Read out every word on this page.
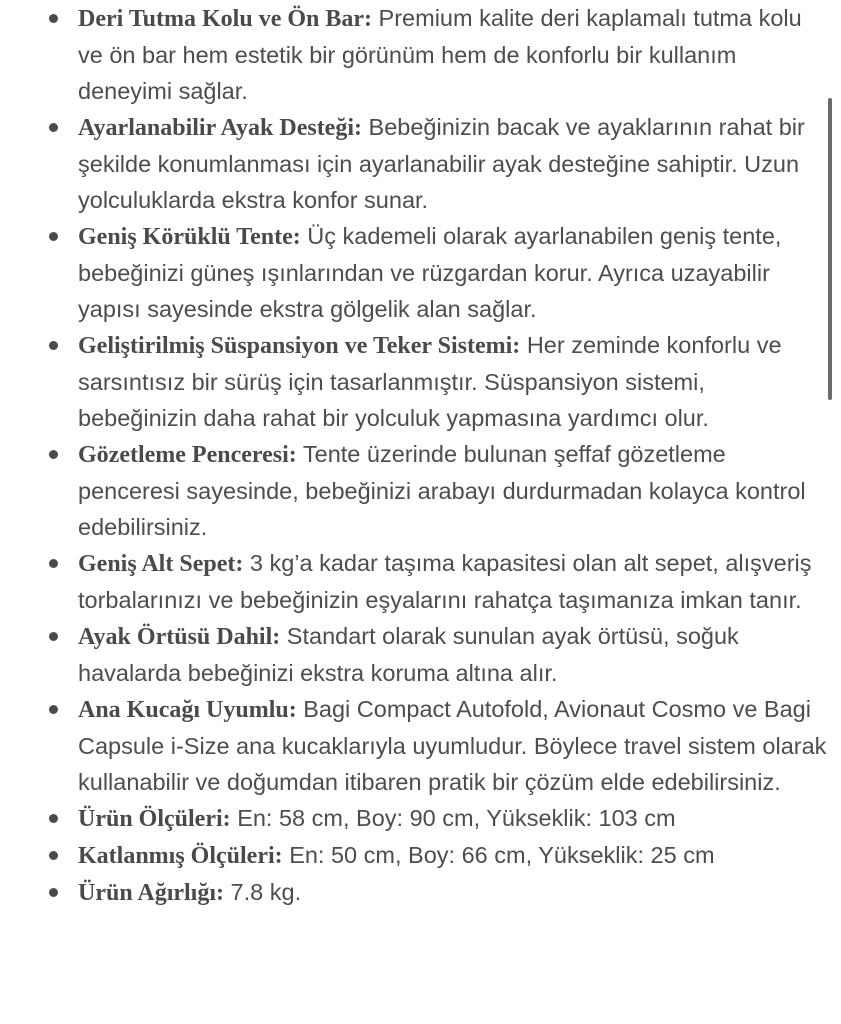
Deri Tutma Kolu ve Ön Bar: Premium kalite deri kaplamalı tutma kolu ve ön bar hem estetik bir görünüm hem de konforlu bir kullanım deneyimi sağlar.
Ayarlanabilir Ayak Desteği: Bebeğinizin bacak ve ayaklarının rahat bir şekilde konumlanması için ayarlanabilir ayak desteğine sahiptir. Uzun yolculuklarda ekstra konfor sunar.
Geniş Körüklü Tente: Üç kademeli olarak ayarlanabilen geniş tente, bebeğinizi güneş ışınlarından ve rüzgardan korur. Ayrıca uzayabilir yapısı sayesinde ekstra gölgelik alan sağlar.
Geliştirilmiş Süspansiyon ve Teker Sistemi: Her zeminde konforlu ve sarsıntısız bir sürüş için tasarlanmıştır. Süspansiyon sistemi, bebeğinizin daha rahat bir yolculuk yapmasına yardımcı olur.
Gözetleme Penceresi: Tente üzerinde bulunan şeffaf gözetleme penceresi sayesinde, bebeğinizi arabayı durdurmadan kolayca kontrol edebilirsiniz.
Geniş Alt Sepet: 3 kg’a kadar taşıma kapasitesi olan alt sepet, alışveriş torbalarınızı ve bebeğinizin eşyalarını rahatça taşımanıza imkan tanır.
Ayak Örtüsü Dahil: Standart olarak sunulan ayak örtüsü, soğuk havalarda bebeğinizi ekstra koruma altına alır.
Ana Kucağı Uyumlu: Bagi Compact Autofold, Avionaut Cosmo ve Bagi Capsule i-Size ana kucaklarıyla uyumludur. Böylece travel sistem olarak kullanabilir ve doğumdan itibaren pratik bir çözüm elde edebilirsiniz.
Ürün Ölçüleri: En: 58 cm, Boy: 90 cm, Yükseklik: 103 cm
Katlanmış Ölçüleri: En: 50 cm, Boy: 66 cm, Yükseklik: 25 cm
Ürün Ağırlığı: 7.8 kg.
